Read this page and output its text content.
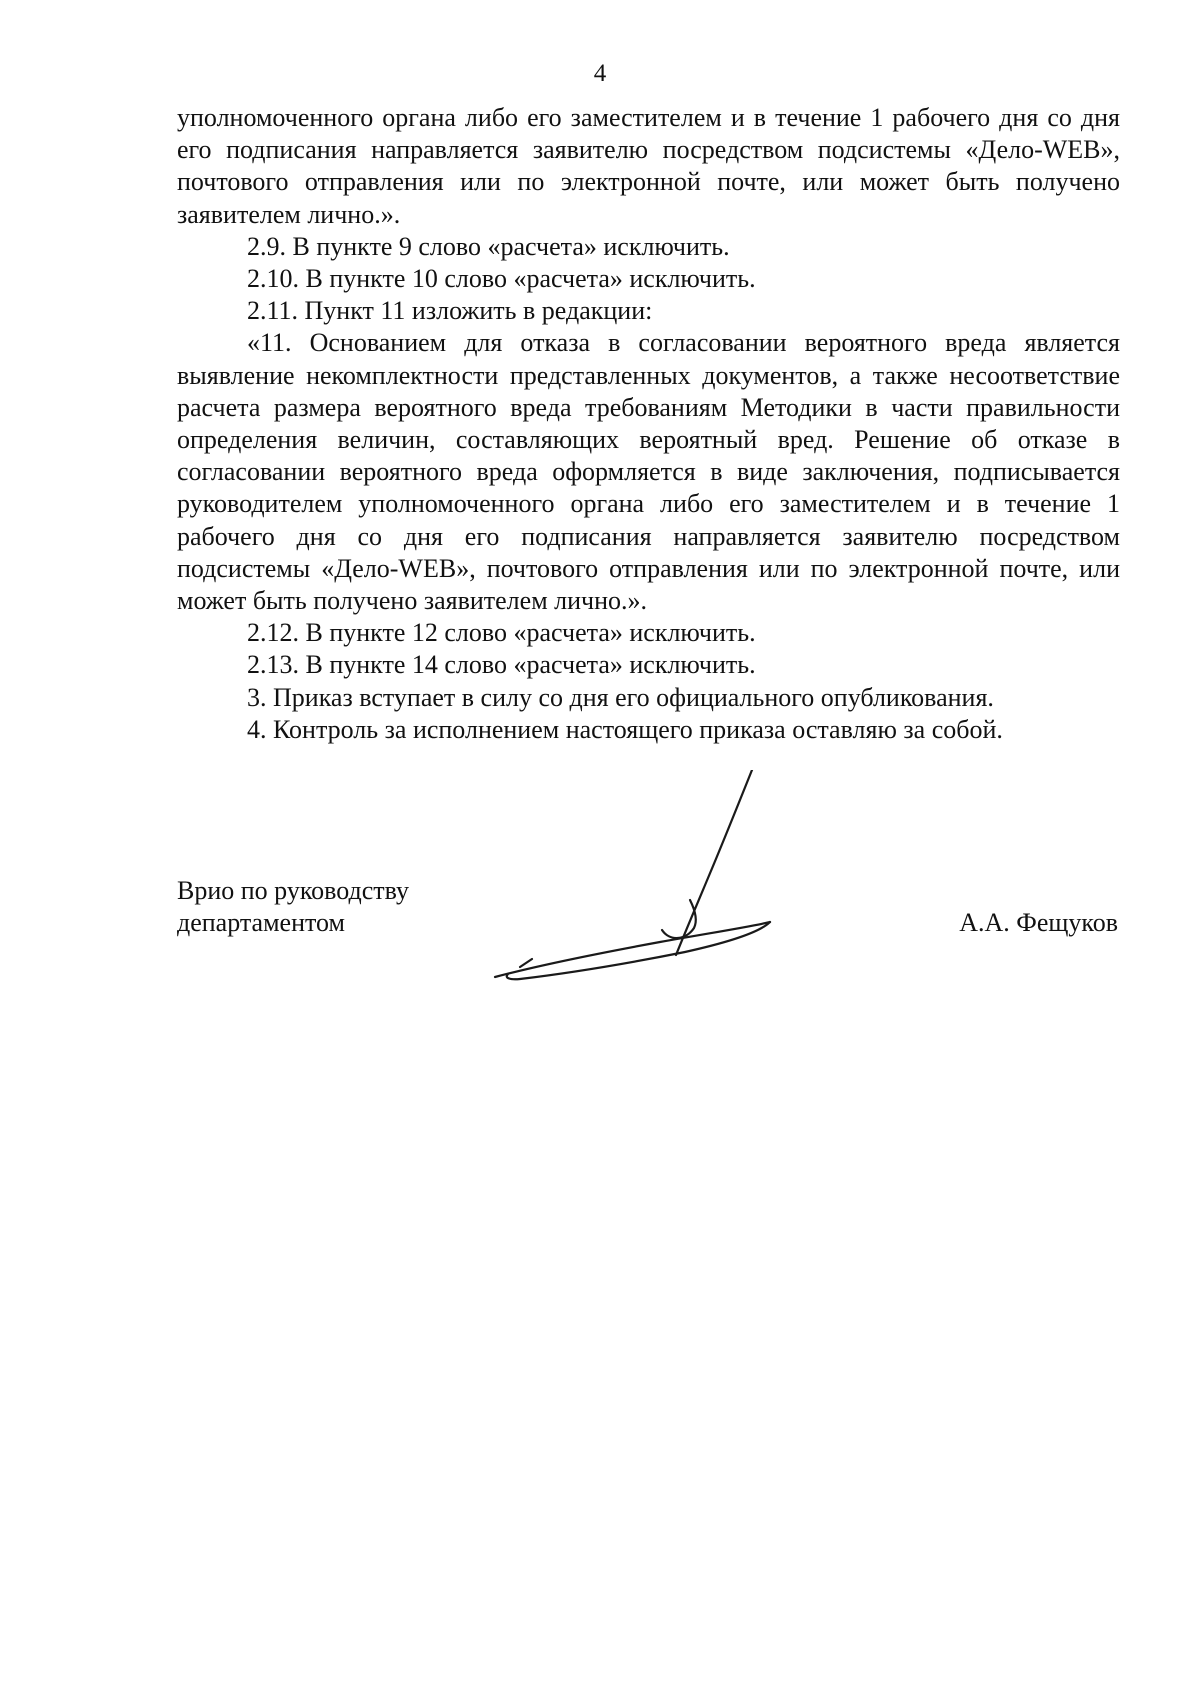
4

уполномоченного органа либо его заместителем и в течение 1 рабочего дня со дня его подписания направляется заявителю посредством подсистемы «Дело-WEB», почтового отправления или по электронной почте, или может быть получено заявителем лично.».

2.9. В пункте 9 слово «расчета» исключить.

2.10. В пункте 10 слово «расчета» исключить.

2.11. Пункт 11 изложить в редакции:

«11. Основанием для отказа в согласовании вероятного вреда является выявление некомплектности представленных документов, а также несоответствие расчета размера вероятного вреда требованиям Методики в части правильности определения величин, составляющих вероятный вред. Решение об отказе в согласовании вероятного вреда оформляется в виде заключения, подписывается руководителем уполномоченного органа либо его заместителем и в течение 1 рабочего дня со дня его подписания направляется заявителю посредством подсистемы «Дело-WEB», почтового отправления или по электронной почте, или может быть получено заявителем лично.».

2.12. В пункте 12 слово «расчета» исключить.

2.13. В пункте 14 слово «расчета» исключить.

3. Приказ вступает в силу со дня его официального опубликования.

4. Контроль за исполнением настоящего приказа оставляю за собой.

Врио по руководству
департаментом	А.А. Фещуков
